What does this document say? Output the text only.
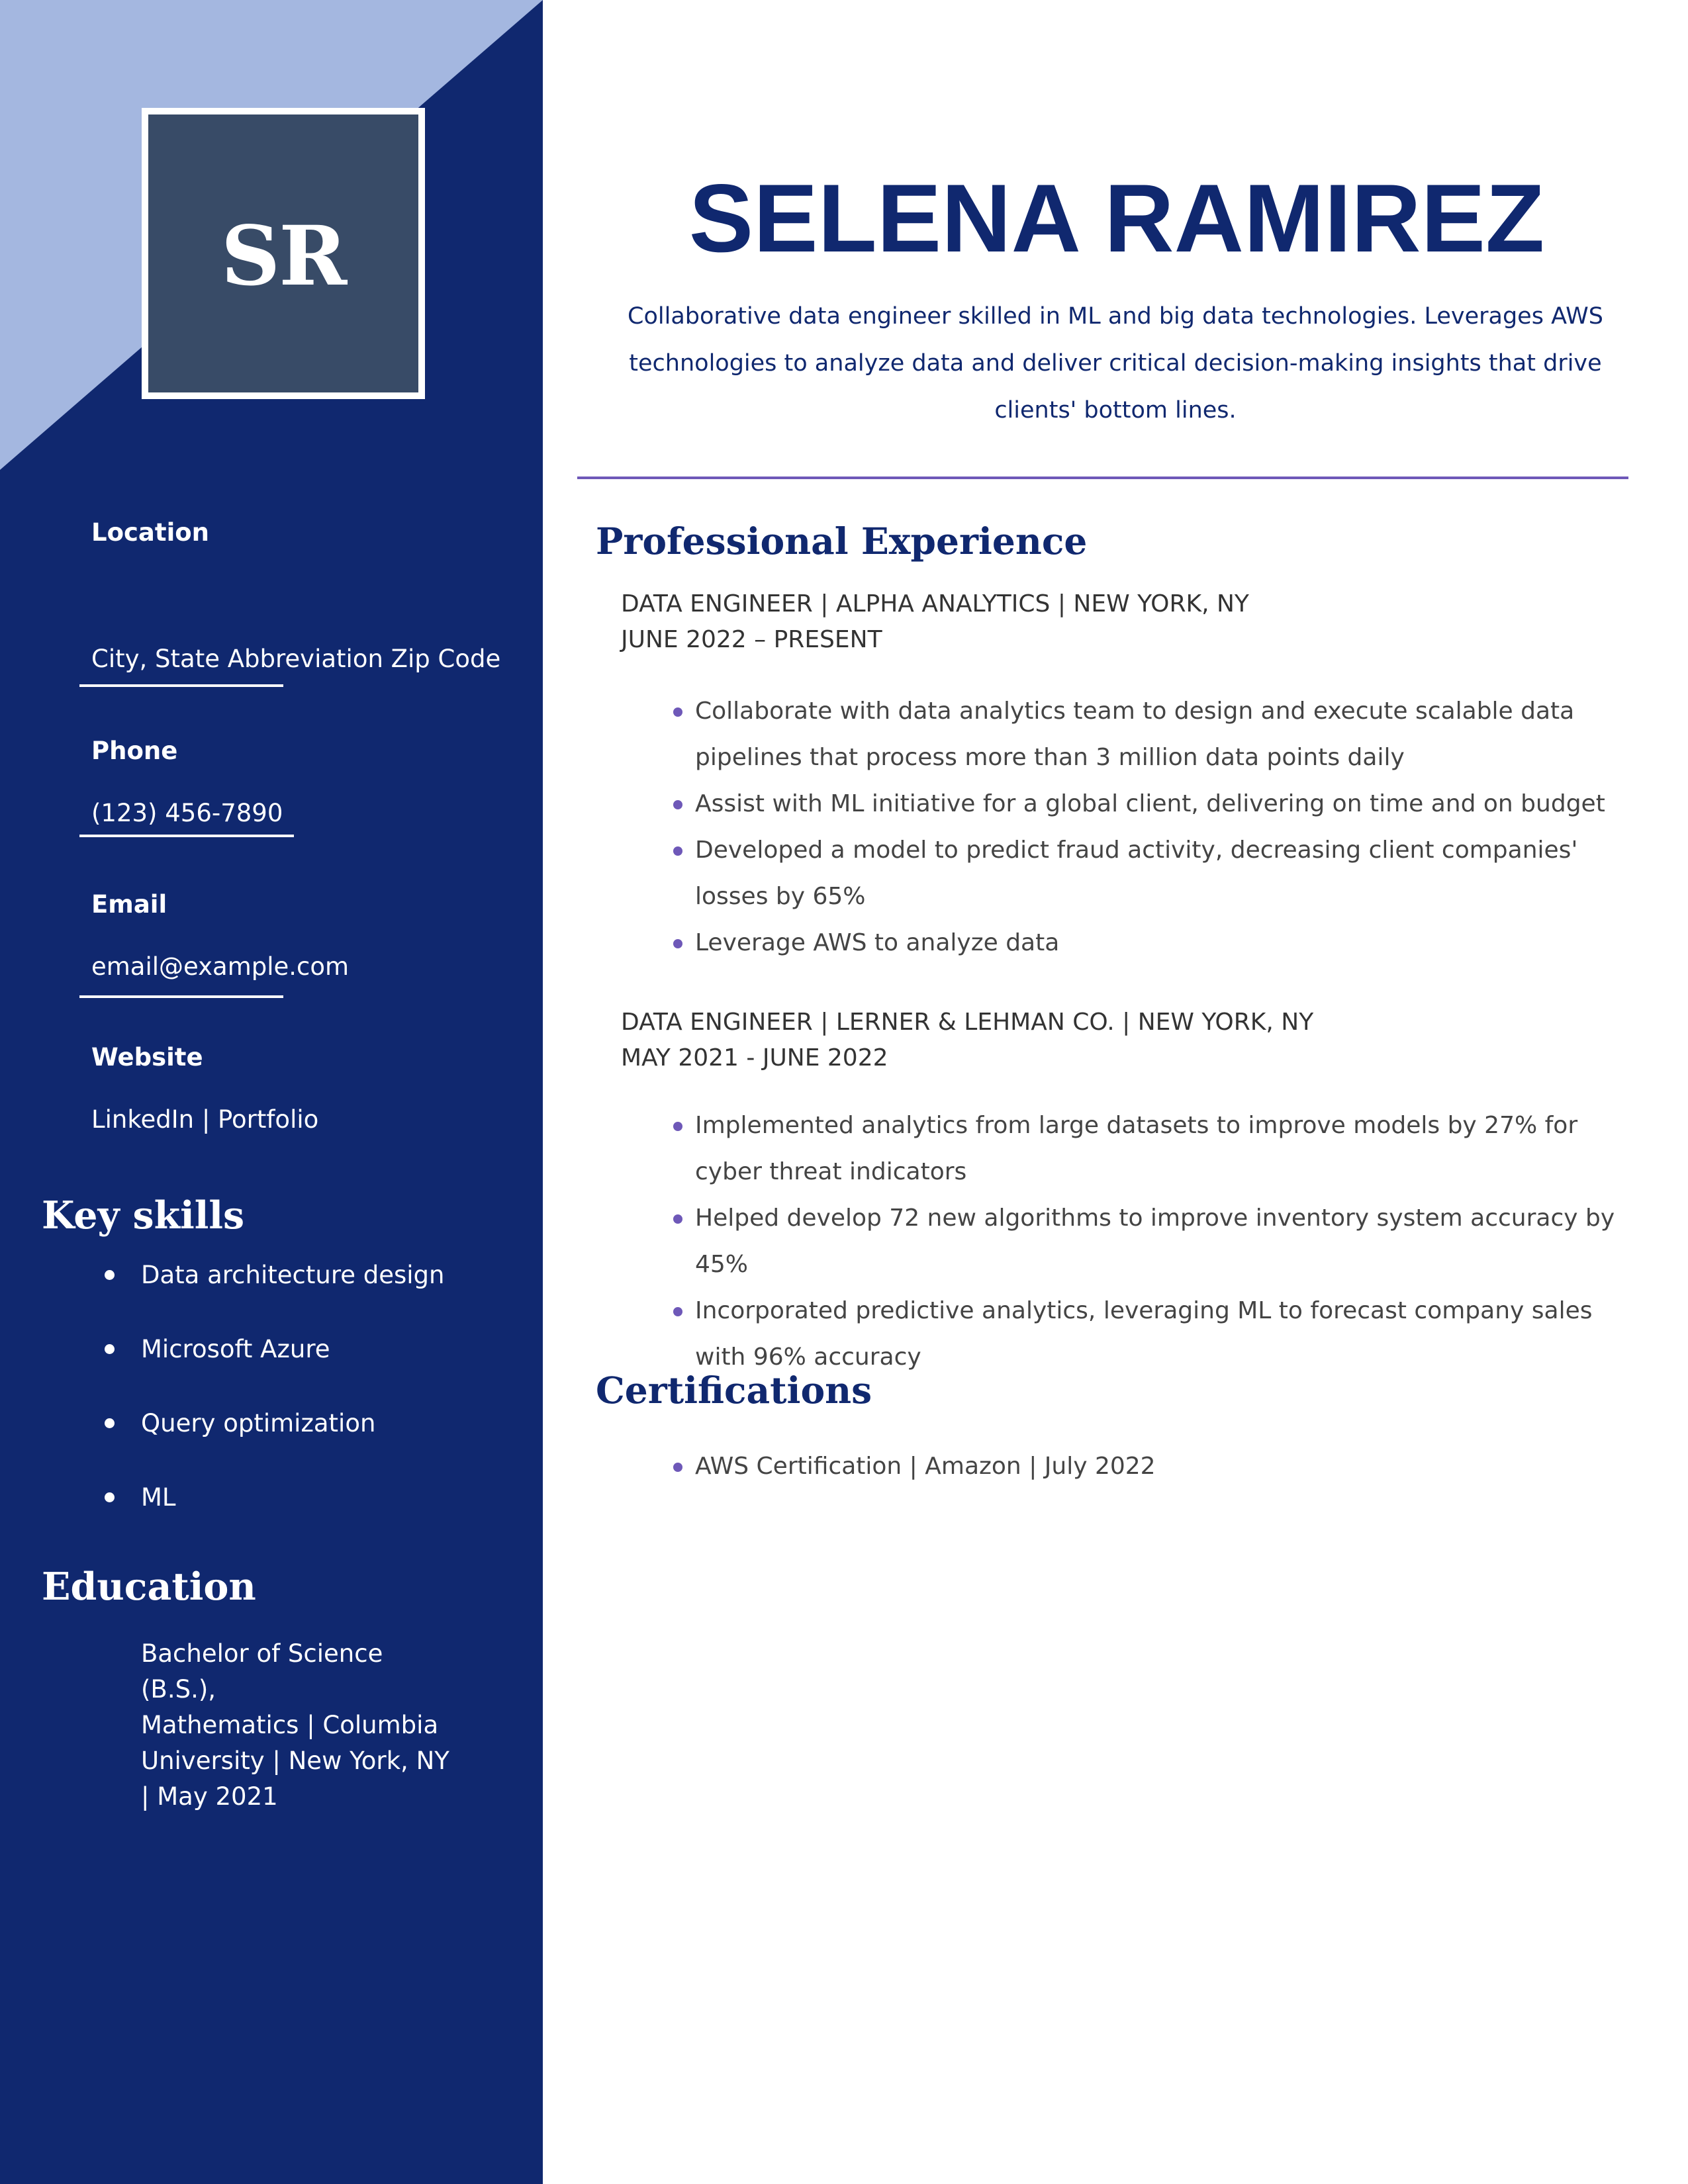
SR
Location
City, State Abbreviation Zip Code
Phone
(123) 456-7890
Email
email@example.com
Website
LinkedIn | Portfolio
Key skills
Data architecture design
Microsoft Azure
Query optimization
ML
Education
Bachelor of Science (B.S.),
Mathematics | Columbia
University | New York, NY
| May 2021
SELENA RAMIREZ
Collaborative data engineer skilled in ML and big data technologies. Leverages AWS technologies to analyze data and deliver critical decision-making insights that drive clients' bottom lines.
Professional Experience
DATA ENGINEER | ALPHA ANALYTICS | NEW YORK, NY
JUNE 2022 – PRESENT
Collaborate with data analytics team to design and execute scalable data pipelines that process more than 3 million data points daily
Assist with ML initiative for a global client, delivering on time and on budget
Developed a model to predict fraud activity, decreasing client companies' losses by 65%
Leverage AWS to analyze data
DATA ENGINEER | LERNER & LEHMAN CO. | NEW YORK, NY
MAY 2021 - JUNE 2022
Implemented analytics from large datasets to improve models by 27% for cyber threat indicators
Helped develop 72 new algorithms to improve inventory system accuracy by 45%
Incorporated predictive analytics, leveraging ML to forecast company sales with 96% accuracy
Certifications
AWS Certification | Amazon | July 2022
